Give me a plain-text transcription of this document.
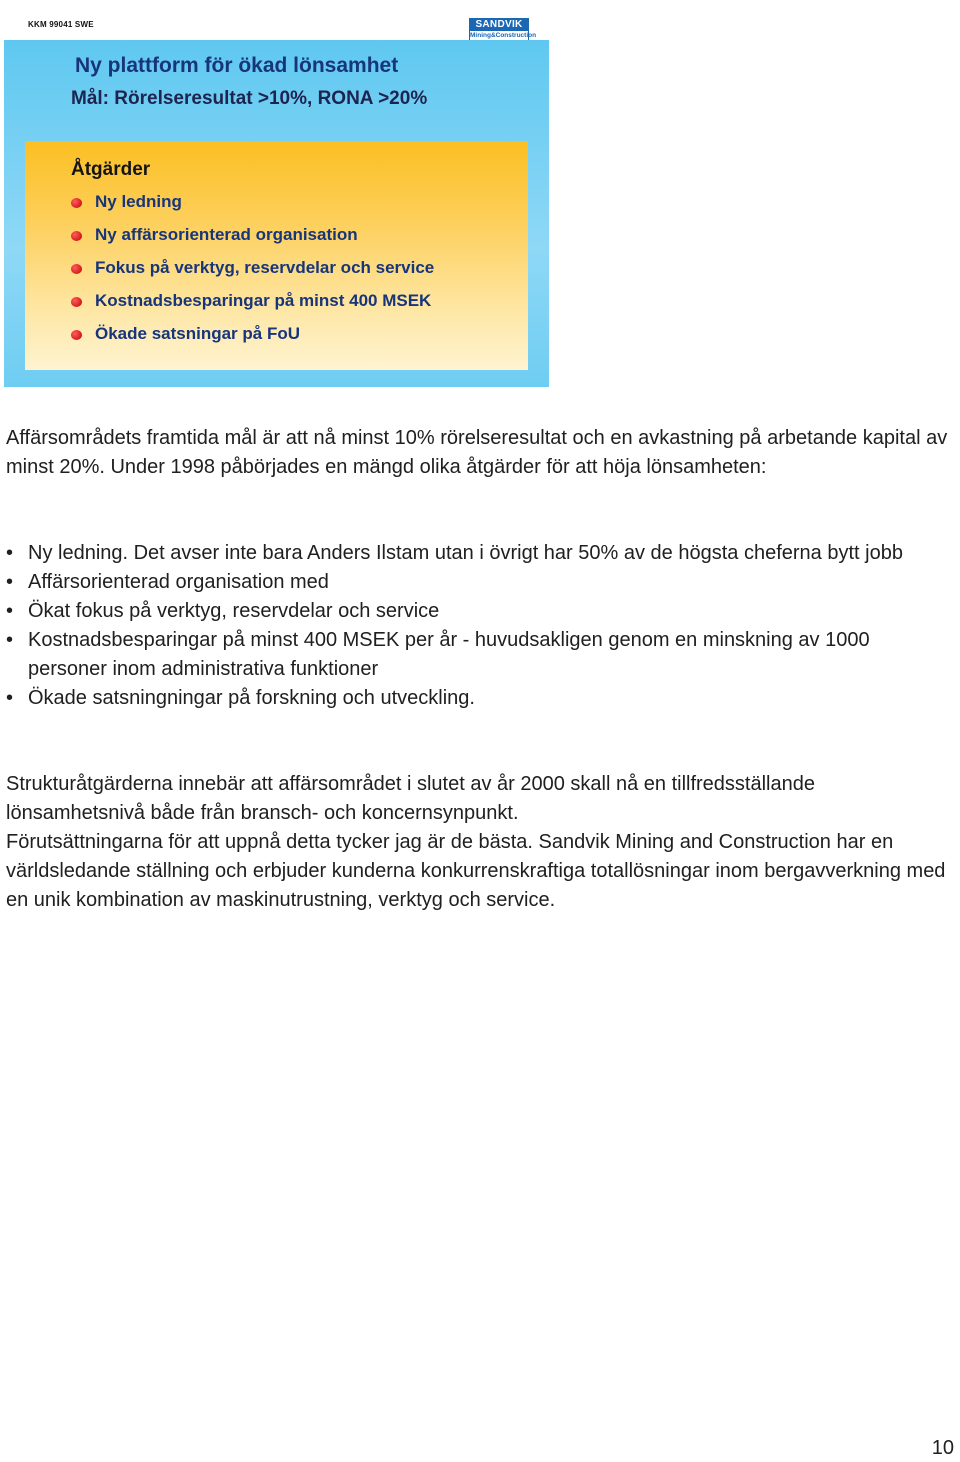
KKM 99041 SWE	SANDVIK
Mining&Construction
Ny plattform för ökad lönsamhet
Mål: Rörelseresultat >10%, RONA >20%
Åtgärder
Ny ledning
Ny affärsorienterad organisation
Fokus på verktyg, reservdelar och service
Kostnadsbesparingar på minst 400 MSEK
Ökade satsningar på FoU

Affärsområdets framtida mål är att nå minst 10% rörelseresultat och en avkastning på arbetande kapital av minst 20%. Under 1998 påbörjades en mängd olika åtgärder för att höja lönsamheten:

• Ny ledning. Det avser inte bara Anders Ilstam utan i övrigt har 50% av de högsta cheferna bytt jobb
• Affärsorienterad organisation med
• Ökat fokus på verktyg, reservdelar och service
• Kostnadsbesparingar på minst 400 MSEK per år - huvudsakligen genom en minskning av 1000 personer inom administrativa funktioner
• Ökade satsningningar på forskning och utveckling.
Strukturåtgärderna innebär att affärsområdet i slutet av år 2000 skall nå en tillfredsställande lönsamhetsnivå både från bransch- och koncernsynpunkt.
Förutsättningarna för att uppnå detta tycker jag är de bästa. Sandvik Mining and Construction har en världsledande ställning och erbjuder kunderna konkurrenskraftiga totallösningar inom bergavverkning med en unik kombination av maskinutrustning, verktyg och service.
10
